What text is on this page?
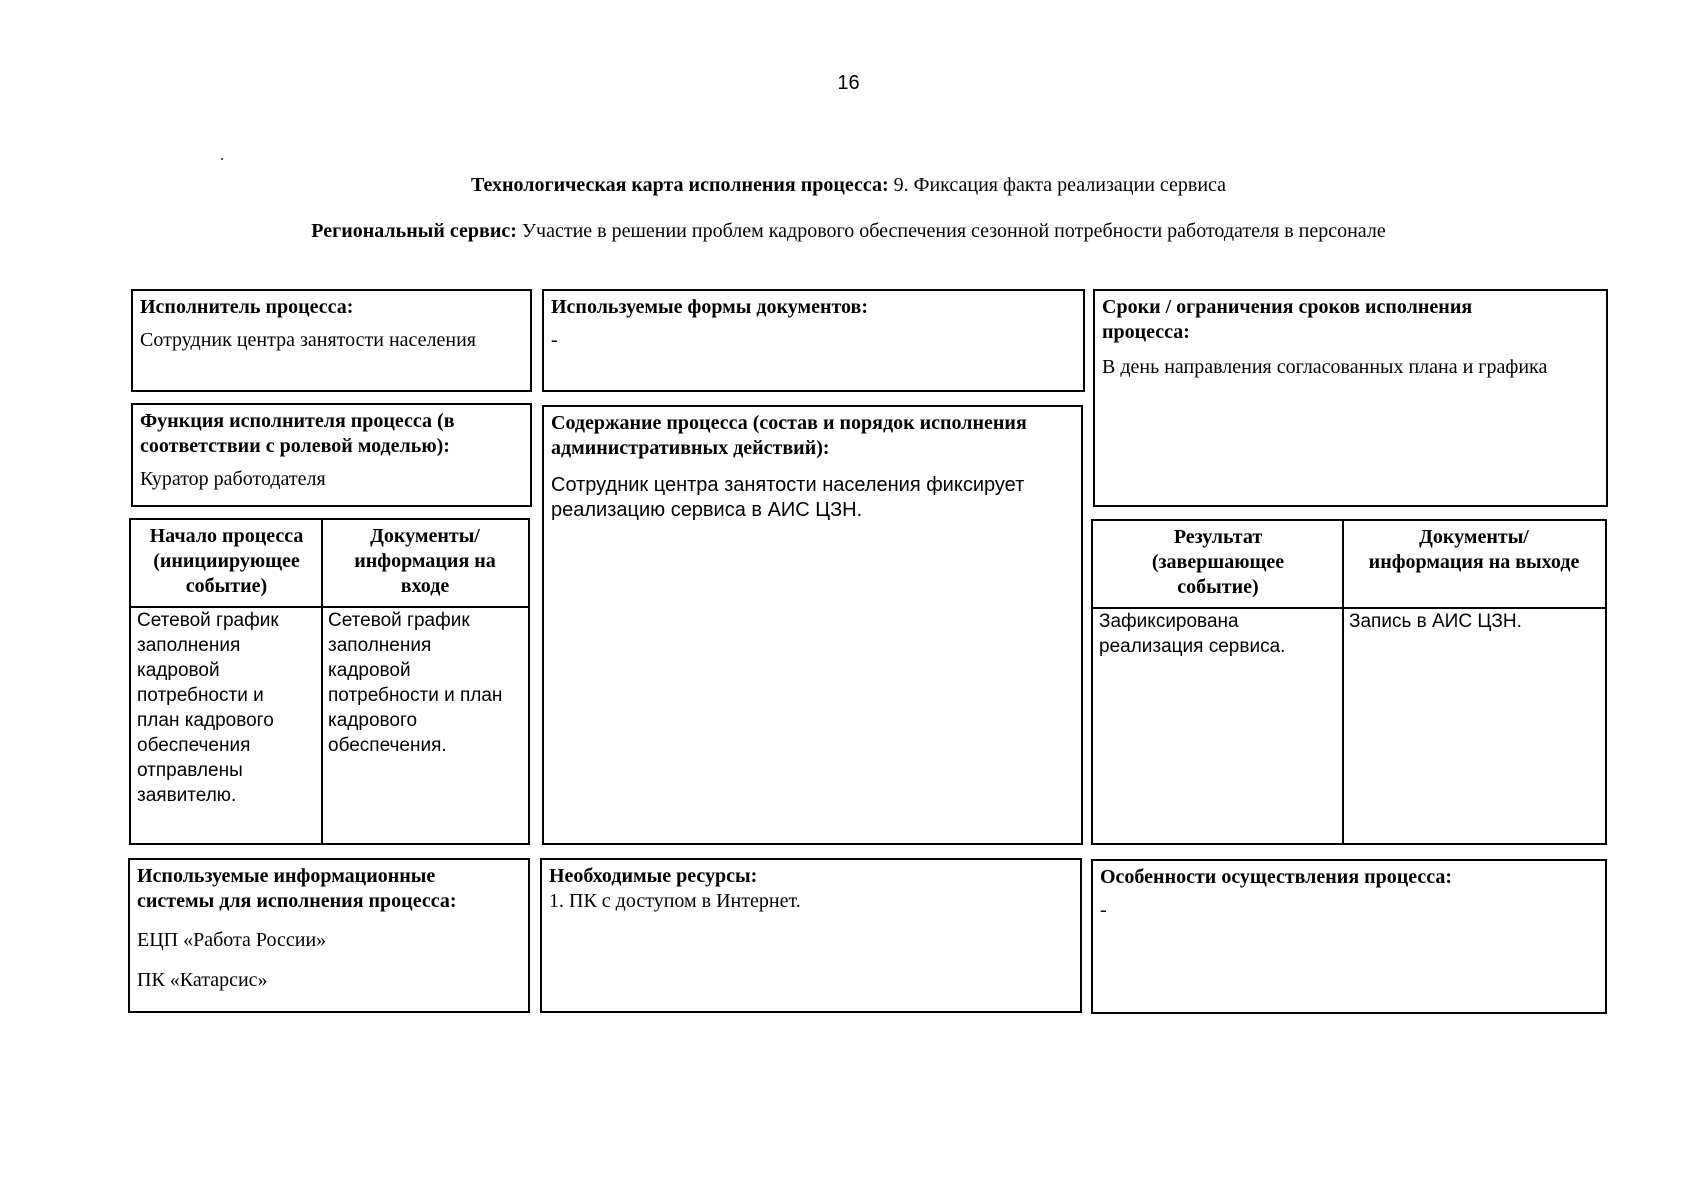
16
Технологическая карта исполнения процесса: 9. Фиксация факта реализации сервиса
Региональный сервис: Участие в решении проблем кадрового обеспечения сезонной потребности работодателя в персонале
Исполнитель процесса:
Сотрудник центра занятости населения
Используемые формы документов:
-
Сроки / ограничения сроков исполнения
процесса:
В день направления согласованных плана и графика
Функция исполнителя процесса (в
соответствии с ролевой моделью):
Куратор работодателя
Содержание процесса (состав и порядок исполнения
административных действий):
Сотрудник центра занятости населения фиксирует
реализацию сервиса в АИС ЦЗН.
Начало процесса
(инициирующее
событие)
Документы/
информация на
входе
Сетевой график
заполнения
кадровой
потребности и
план кадрового
обеспечения
отправлены
заявителю.
Сетевой график
заполнения
кадровой
потребности и план
кадрового
обеспечения.
Результат
(завершающее
событие)
Документы/
информация на выходе
Зафиксирована
реализация сервиса.
Запись в АИС ЦЗН.
Используемые информационные
системы для исполнения процесса:
ЕЦП «Работа России»
ПК «Катарсис»
Необходимые ресурсы:
1. ПК с доступом в Интернет.
Особенности осуществления процесса:
-
